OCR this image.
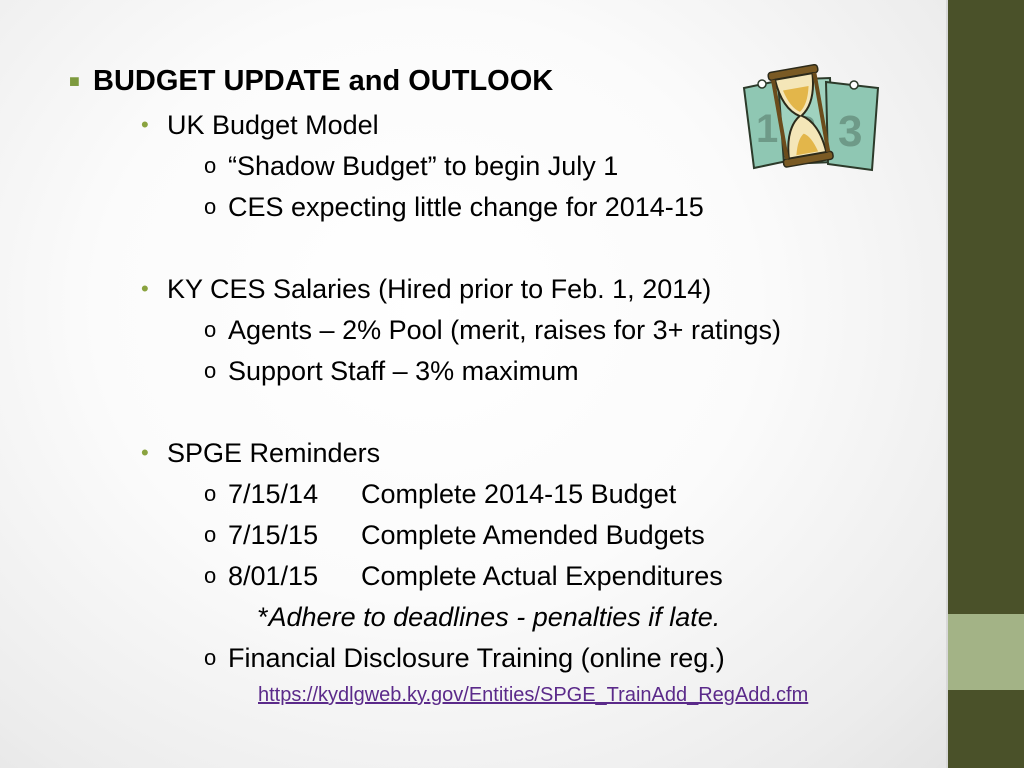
■ BUDGET UPDATE and OUTLOOK
• UK Budget Model
o “Shadow Budget” to begin July 1
o CES expecting little change for 2014-15
• KY CES Salaries (Hired prior to Feb. 1, 2014)
o Agents – 2% Pool (merit, raises for 3+ ratings)
o Support Staff – 3% maximum
• SPGE Reminders
o 7/15/14 Complete 2014-15 Budget
o 7/15/15 Complete Amended Budgets
o 8/01/15 Complete Actual Expenditures
*Adhere to deadlines - penalties if late.
o Financial Disclosure Training (online reg.)
https://kydlgweb.ky.gov/Entities/SPGE_TrainAdd_RegAdd.cfm
1 3
